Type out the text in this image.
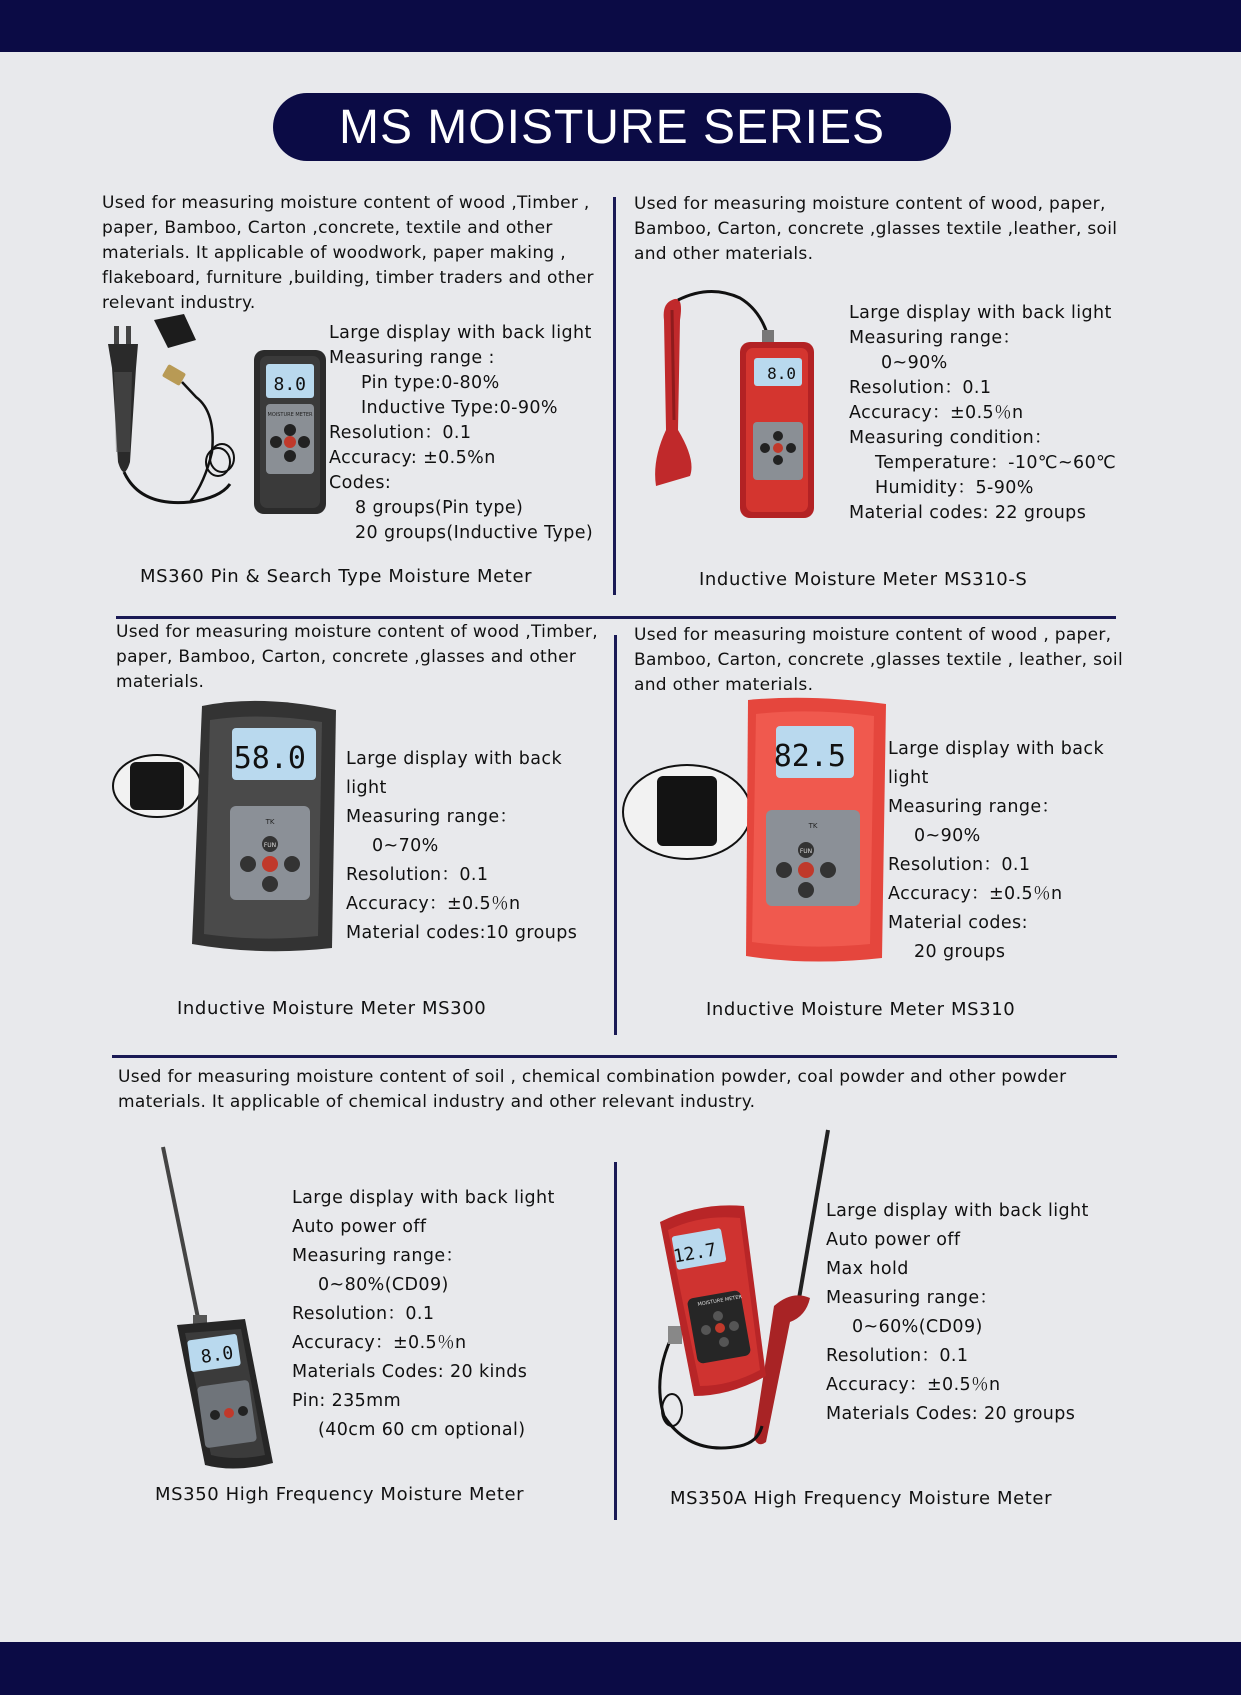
MS MOISTURE SERIES
Used for measuring moisture content of wood ,Timber , paper, Bamboo, Carton ,concrete, textile and other materials. It applicable of woodwork, paper making , flakeboard, furniture ,building, timber traders and other relevant industry.
MOISTURE METER
8.0
Large display with back light
Measuring range :
Pin type:0-80%
Inductive Type:0-90%
Resolution：0.1
Accuracy: ±0.5%n
Codes:
8 groups(Pin type)
20 groups(Inductive Type)
MS360 Pin & Search Type Moisture Meter
Used for measuring moisture content of wood, paper, Bamboo, Carton, concrete ,glasses textile ,leather, soil and other materials.
8.0
Large display with back light
Measuring range：
0~90%
Resolution：0.1
Accuracy：±0.5％n
Measuring condition：
Temperature：-10℃~60℃
Humidity：5-90%
Material codes: 22 groups
Inductive Moisture Meter MS310-S
Used for measuring moisture content of wood ,Timber, paper, Bamboo, Carton, concrete ,glasses and other materials.
TK
FUN
58.0 Large display with back
light
Measuring range：
0~70%
Resolution：0.1
Accuracy：±0.5％n
Material codes:10 groups
Inductive Moisture Meter MS300
Used for measuring moisture content of wood , paper, Bamboo, Carton, concrete ,glasses textile , leather, soil and other materials.
TK
FUN
82.5 Large display with back
light
Measuring range：
0~90%
Resolution：0.1
Accuracy：±0.5％n
Material codes:
20 groups
Inductive Moisture Meter MS310
Used for measuring moisture content of soil , chemical combination powder, coal powder and other powder materials. It applicable of chemical industry and other relevant industry.
8.0
Large display with back light
Auto power off
Measuring range：
0~80%(CD09)
Resolution：0.1
Accuracy：±0.5％n
Materials Codes: 20 kinds
Pin: 235mm
(40cm 60 cm optional)
MS350 High Frequency Moisture Meter
MOISTURE METER
12.7
Large display with back light
Auto power off
Max hold
Measuring range：
0~60%(CD09)
Resolution：0.1
Accuracy：±0.5％n
Materials Codes: 20 groups
MS350A High Frequency Moisture Meter
